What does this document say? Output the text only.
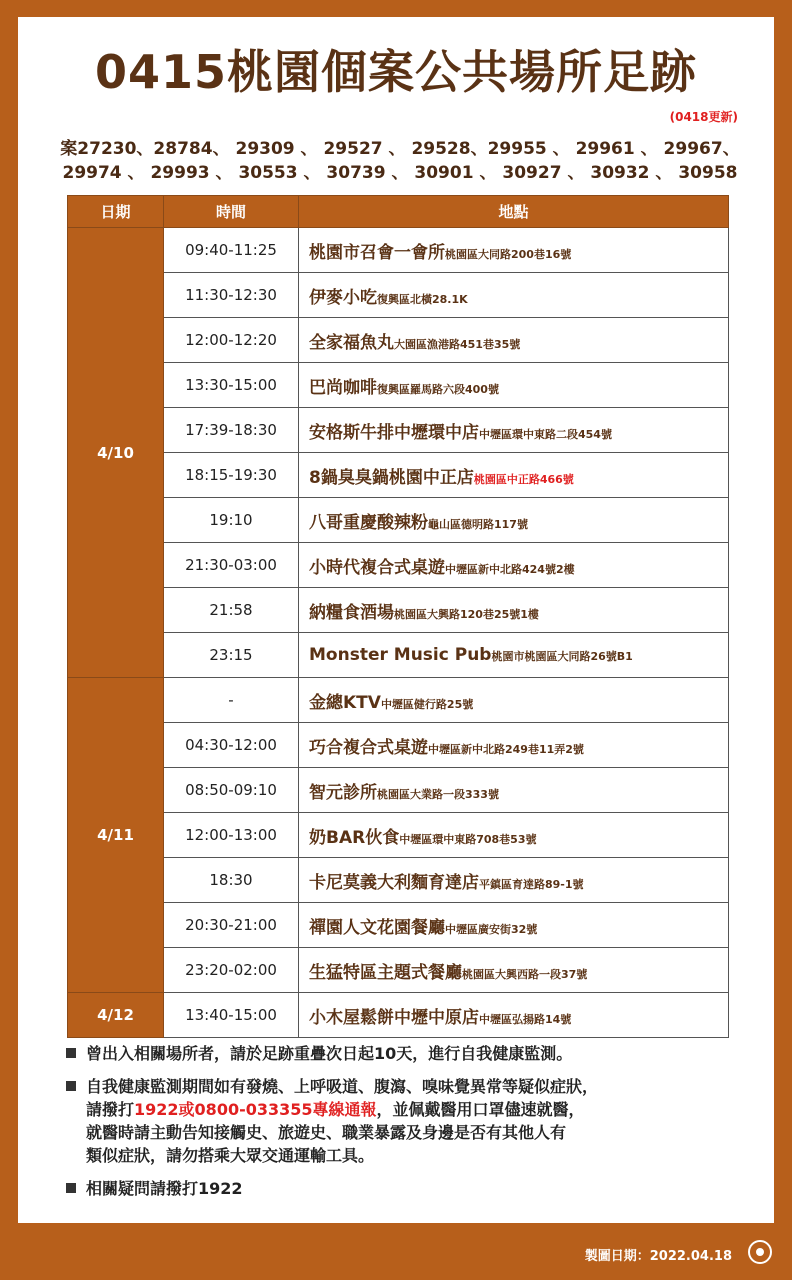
0415桃園個案公共場所足跡
(0418更新)
案27230、28784、 29309 、 29527 、 29528、29955 、 29961 、 29967、
29974 、 29993 、 30553 、 30739 、 30901 、 30927 、 30932 、 30958
日期	時間	地點
4/10	09:40-11:25	桃園市召會一會所桃園區大同路200巷16號
	11:30-12:30	伊麥小吃復興區北橫28.1K
	12:00-12:20	全家福魚丸大園區漁港路451巷35號
	13:30-15:00	巴尚咖啡復興區羅馬路六段400號
	17:39-18:30	安格斯牛排中壢環中店中壢區環中東路二段454號
	18:15-19:30	8鍋臭臭鍋桃園中正店桃園區中正路466號
	19:10	八哥重慶酸辣粉龜山區德明路117號
	21:30-03:00	小時代複合式桌遊中壢區新中北路424號2樓
	21:58	納糧食酒場桃園區大興路120巷25號1樓
	23:15	Monster Music Pub桃園市桃園區大同路26號B1
4/11	-	金總KTV中壢區健行路25號
	04:30-12:00	巧合複合式桌遊中壢區新中北路249巷11弄2號
	08:50-09:10	智元診所桃園區大業路一段333號
	12:00-13:00	奶BAR伙食中壢區環中東路708巷53號
	18:30	卡尼莫義大利麵育達店平鎮區育達路89-1號
	20:30-21:00	禪園人文花園餐廳中壢區廣安街32號
	23:20-02:00	生猛特區主題式餐廳桃園區大興西路一段37號
4/12	13:40-15:00	小木屋鬆餅中壢中原店中壢區弘揚路14號
曾出入相關場所者，請於足跡重疊次日起10天，進行自我健康監測。
自我健康監測期間如有發燒、上呼吸道、腹瀉、嗅味覺異常等疑似症狀，
請撥打1922或0800-033355專線通報，並佩戴醫用口罩儘速就醫，
就醫時請主動告知接觸史、旅遊史、職業暴露及身邊是否有其他人有
類似症狀，請勿搭乘大眾交通運輸工具。
相關疑問請撥打1922
製圖日期：2022.04.18
